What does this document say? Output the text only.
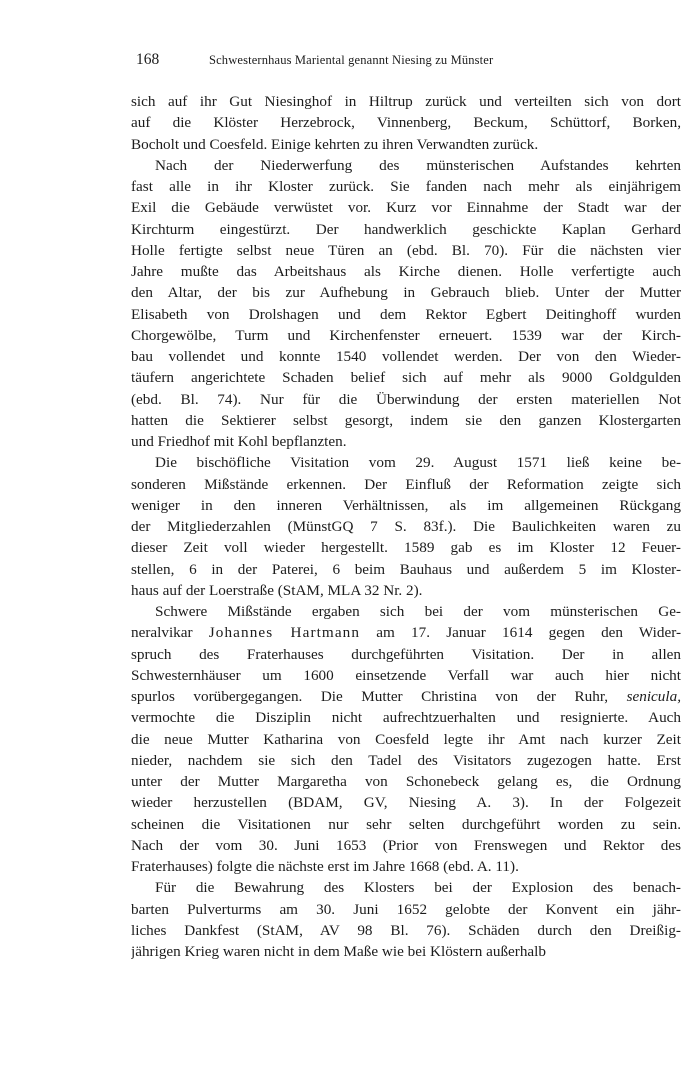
168	Schwesternhaus Mariental genannt Niesing zu Münster
sich auf ihr Gut Niesinghof in Hiltrup zurück und verteilten sich von dort
auf die Klöster Herzebrock, Vinnenberg, Beckum, Schüttorf, Borken,
Bocholt und Coesfeld. Einige kehrten zu ihren Verwandten zurück.
Nach der Niederwerfung des münsterischen Aufstandes kehrten
fast alle in ihr Kloster zurück. Sie fanden nach mehr als einjährigem
Exil die Gebäude verwüstet vor. Kurz vor Einnahme der Stadt war der
Kirchturm eingestürzt. Der handwerklich geschickte Kaplan Gerhard
Holle fertigte selbst neue Türen an (ebd. Bl. 70). Für die nächsten vier
Jahre mußte das Arbeitshaus als Kirche dienen. Holle verfertigte auch
den Altar, der bis zur Aufhebung in Gebrauch blieb. Unter der Mutter
Elisabeth von Drolshagen und dem Rektor Egbert Deitinghoff wurden
Chorgewölbe, Turm und Kirchenfenster erneuert. 1539 war der Kirch-
bau vollendet und konnte 1540 vollendet werden. Der von den Wieder-
täufern angerichtete Schaden belief sich auf mehr als 9000 Goldgulden
(ebd. Bl. 74). Nur für die Überwindung der ersten materiellen Not
hatten die Sektierer selbst gesorgt, indem sie den ganzen Klostergarten
und Friedhof mit Kohl bepflanzten.
Die bischöfliche Visitation vom 29. August 1571 ließ keine be-
sonderen Mißstände erkennen. Der Einfluß der Reformation zeigte sich
weniger in den inneren Verhältnissen, als im allgemeinen Rückgang
der Mitgliederzahlen (MünstGQ 7 S. 83f.). Die Baulichkeiten waren zu
dieser Zeit voll wieder hergestellt. 1589 gab es im Kloster 12 Feuer-
stellen, 6 in der Paterei, 6 beim Bauhaus und außerdem 5 im Kloster-
haus auf der Loerstraße (StAM, MLA 32 Nr. 2).
Schwere Mißstände ergaben sich bei der vom münsterischen Ge-
neralvikar Johannes Hartmann am 17. Januar 1614 gegen den Wider-
spruch des Fraterhauses durchgeführten Visitation. Der in allen
Schwesternhäuser um 1600 einsetzende Verfall war auch hier nicht
spurlos vorübergegangen. Die Mutter Christina von der Ruhr, senicula,
vermochte die Disziplin nicht aufrechtzuerhalten und resignierte. Auch
die neue Mutter Katharina von Coesfeld legte ihr Amt nach kurzer Zeit
nieder, nachdem sie sich den Tadel des Visitators zugezogen hatte. Erst
unter der Mutter Margaretha von Schonebeck gelang es, die Ordnung
wieder herzustellen (BDAM, GV, Niesing A. 3). In der Folgezeit
scheinen die Visitationen nur sehr selten durchgeführt worden zu sein.
Nach der vom 30. Juni 1653 (Prior von Frenswegen und Rektor des
Fraterhauses) folgte die nächste erst im Jahre 1668 (ebd. A. 11).
Für die Bewahrung des Klosters bei der Explosion des benach-
barten Pulverturms am 30. Juni 1652 gelobte der Konvent ein jähr-
liches Dankfest (StAM, AV 98 Bl. 76). Schäden durch den Dreißig-
jährigen Krieg waren nicht in dem Maße wie bei Klöstern außerhalb
